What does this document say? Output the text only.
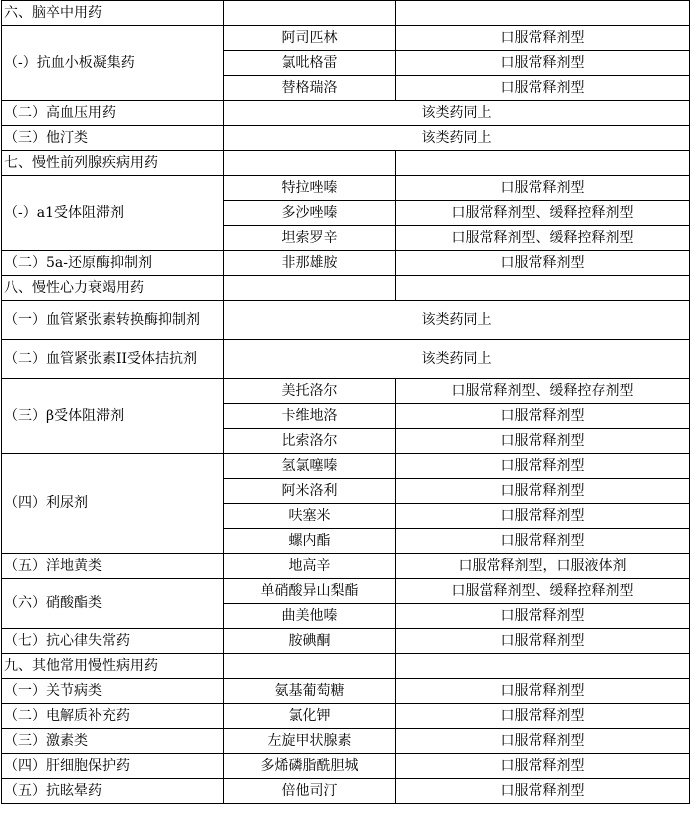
六、脑卒中用药		
（-）抗血小板凝集药	阿司匹林	口服常释剂型
	氯吡格雷	口服常释剂型
	替格瑞洛	口服常释剂型
（二）高血压用药	该类药同上	
（三）他汀类	该类药同上	
七、慢性前列腺疾病用药		
（-）a1受体阻滞剂	特拉唑嗪	口服常释剂型
	多沙唑嗪	口服常释剂型、缓释控释剂型
	坦索罗辛	口服常释剂型、缓释控释剂型
（二）5a-还原酶抑制剂	非那雄胺	口服常释剂型
八、慢性心力衰竭用药		
（一）血管紧张素转换酶抑制剂	该类药同上	
（二）血管紧张素II受体拮抗剂	该类药同上	
（三）β受体阻滞剂	美托洛尔	口服常释剂型、缓释控存剂型
	卡维地洛	口服常释剂型
	比索洛尔	口服常释剂型
（四）利尿剂	氢氯噻嗪	口服常释剂型
	阿米洛利	口服常释剂型
	呋塞米	口服常释剂型
	螺内酯	口服常释剂型
（五）洋地黄类	地高辛	口服常释剂型，口服液体剂
（六）硝酸酯类	单硝酸异山梨酯	口服當释剂型、缓释控释剂型
	曲美他嗪	口服常释剂型
（七）抗心律失常药	胺碘酮	口服常释剂型
九、其他常用慢性病用药		
（一）关节病类	氨基葡萄糖	口服常释剂型
（二）电解质补充药	氯化钾	口服常释剂型
（三）激素类	左旋甲状腺素	口服常释剂型
（四）肝细胞保护药	多烯磷脂酰胆城	口服常释剂型
（五）抗眩晕药	倍他司汀	口服常释剂型
